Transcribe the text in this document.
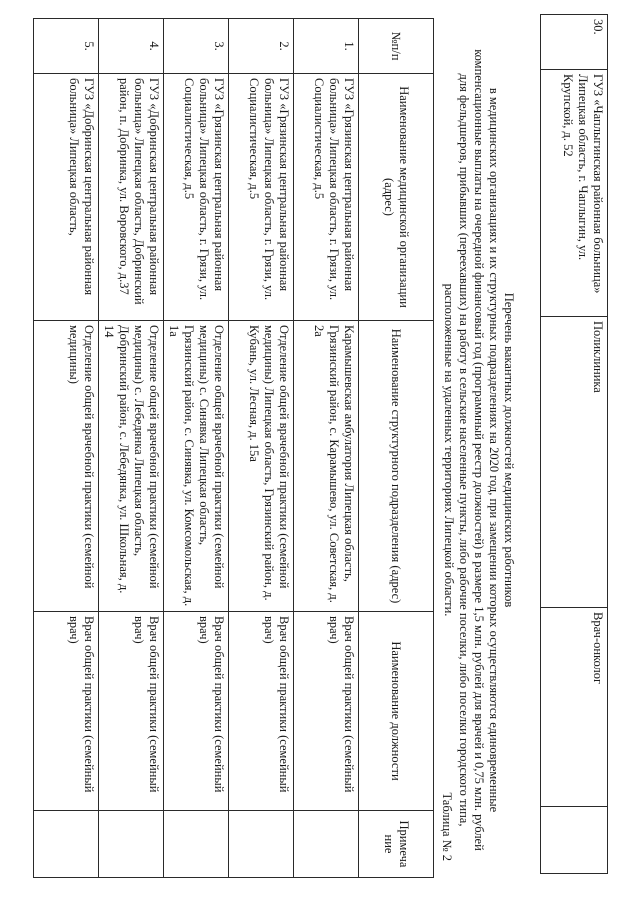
30.	ГУЗ «Чаплыгинская районная больница» Липецкая область, г. Чаплыгин, ул. Крупской, д. 52	Поликлиника	Врач-онколог	
Перечень вакантных должностей медицинских работников
в медицинских организациях и их структурных подразделениях на 2020 год, при замещении которых осуществляются единовременные компенсационные выплаты на очередной финансовый год (программный реестр должностей) в размере 1,5 млн. рублей для врачей и 0,75 млн. рублей для фельдшеров, прибывших (переехавших) на работу в сельские населенные пункты, либо рабочие поселки, либо поселки городского типа, расположенные на удаленных территориях Липецкой области.
Таблица № 2
№п/п	Наименование медицинской организации (адрес)	Наименование структурного подразделения (адрес)	Наименование должности	Примеча ние
1.	ГУЗ «Грязинская центральная районная больница» Липецкая область, г. Грязи, ул. Социалистическая, д.5	Карамышевская амбулатория Липецкая область, Грязинский район, с. Карамышево, ул. Советская, д. 2а	Врач общей практики (семейный врач)	
2.	ГУЗ «Грязинская центральная районная больница» Липецкая область, г. Грязи, ул. Социалистическая, д.5	Отделение общей врачебной практики (семейной медицины) Липецкая область, Грязинский район, д. Кубань, ул. Лесная, д. 15а	Врач общей практики (семейный врач)	
3.	ГУЗ «Грязинская центральная районная больница» Липецкая область, г. Грязи, ул. Социалистическая, д.5	Отделение общей врачебной практики (семейной медицины) с. Синявка Липецкая область, Грязинский район, с. Синявка, ул. Комсомольская, д. 1а	Врач общей практики (семейный врач)	
4.	ГУЗ «Добринская центральная районная больница» Липецкая область, Добринский район, п. Добринка, ул. Воровского, д.37	Отделение общей врачебной практики (семейной медицины) с. Лебедянка Липецкая область, Добринский район, с. Лебедянка, ул. Школьная, д. 14	Врач общей практики (семейный врач)	
5.	ГУЗ «Добринская центральная районная больница» Липецкая область,	Отделение общей врачебной практики (семейной медицины)	Врач общей практики (семейный врач)	
